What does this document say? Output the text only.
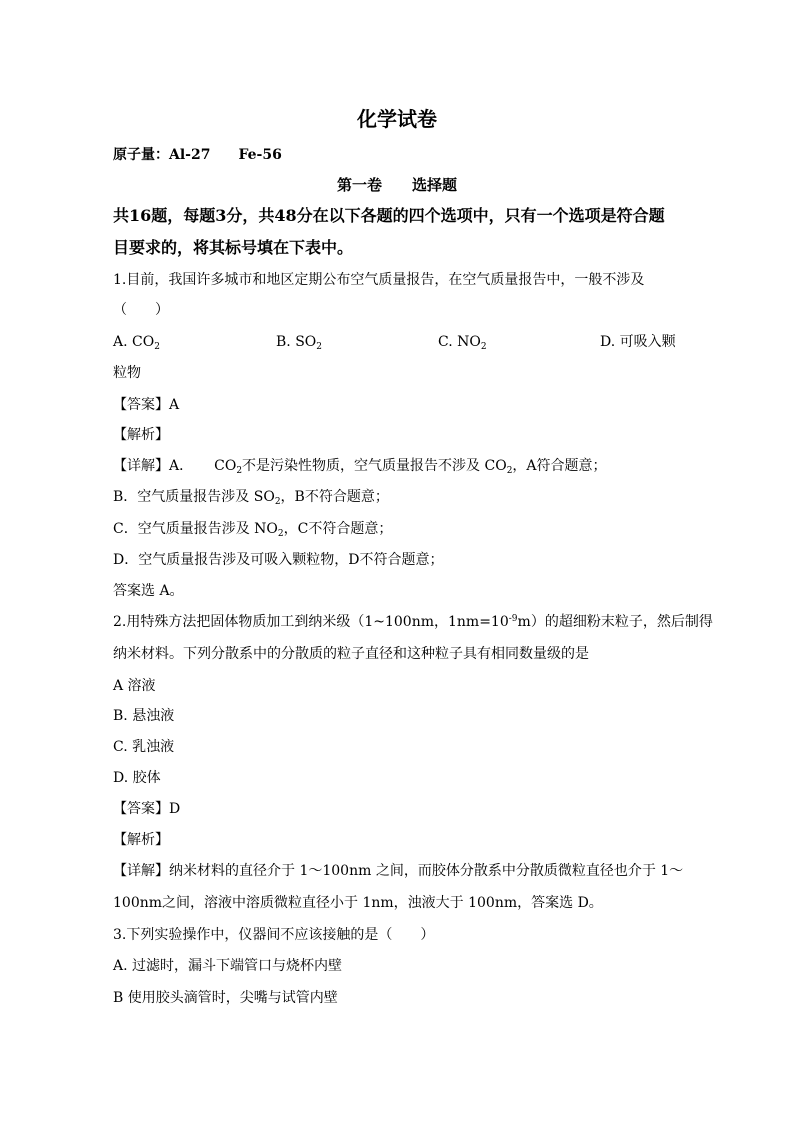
化学试卷
原子量：Al-27　　Fe-56
第一卷　　选择题
共16题，每题3分，共48分在以下各题的四个选项中，只有一个选项是符合题
目要求的，将其标号填在下表中。
1.目前，我国许多城市和地区定期公布空气质量报告，在空气质量报告中，一般不涉及
（　　）
A. $CO_2$	B. $SO_2$	C. $NO_2$	D. 可吸入颗
粒物
【答案】A
【解析】
【详解】A．　　$CO_2$不是污染性物质，空气质量报告不涉及 $CO_2$，A符合题意；
B．空气质量报告涉及 $SO_2$，B不符合题意；
C．空气质量报告涉及 $NO_2$，C不符合题意；
D．空气质量报告涉及可吸入颗粒物，D不符合题意；
答案选 A。
2.用特殊方法把固体物质加工到纳米级（1~100nm，$1nm=10^{-9}m$）的超细粉末粒子，然后制得
纳米材料。下列分散系中的分散质的粒子直径和这种粒子具有相同数量级的是
A 溶液
B. 悬浊液
C. 乳浊液
D. 胶体
【答案】D
【解析】
【详解】纳米材料的直径介于 1～100nm 之间，而胶体分散系中分散质微粒直径也介于 1～
100nm之间，溶液中溶质微粒直径小于 1nm，浊液大于 100nm，答案选 D。
3.下列实验操作中，仪器间不应该接触的是（　　）
A. 过滤时，漏斗下端管口与烧杯内壁
B 使用胶头滴管时，尖嘴与试管内壁
